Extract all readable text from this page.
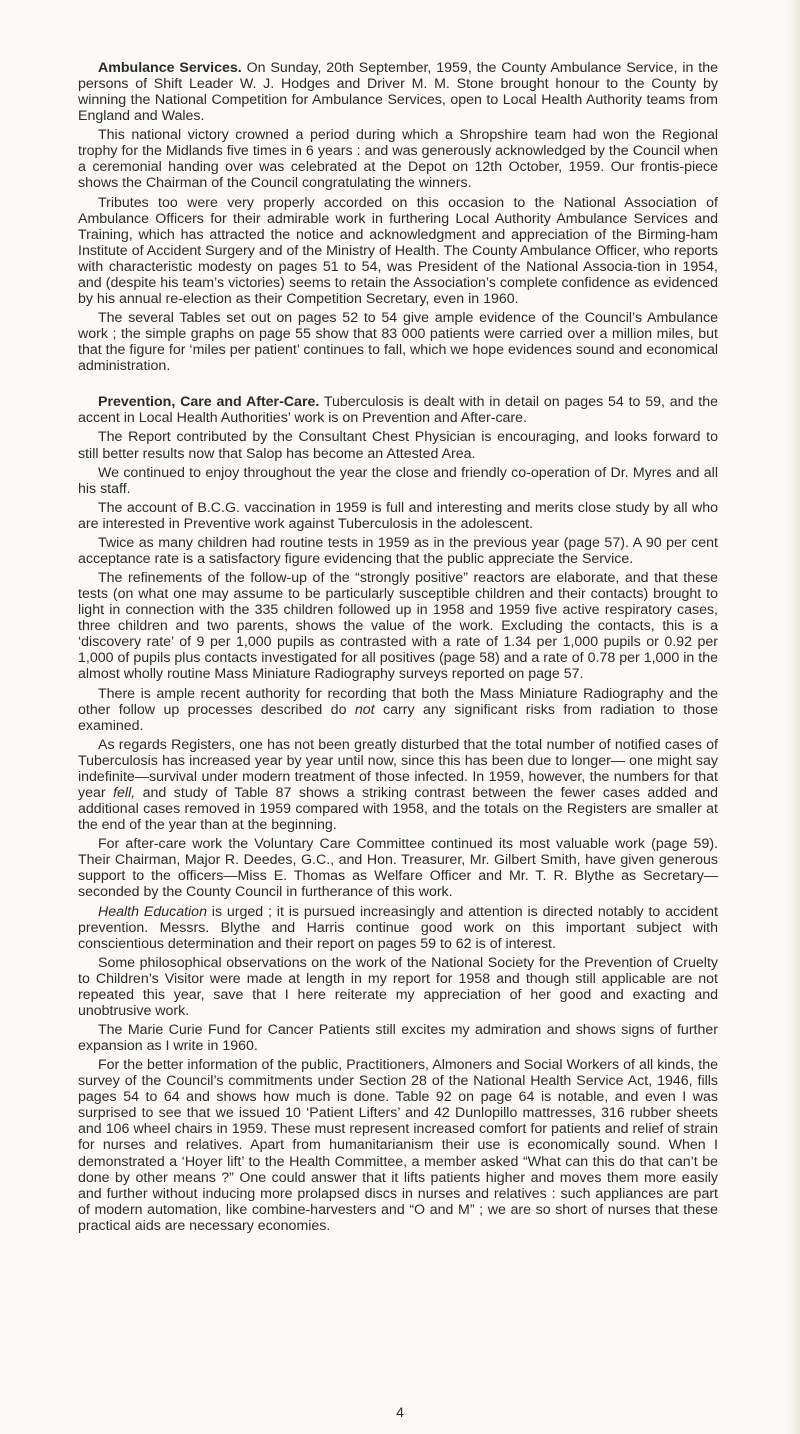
Ambulance Services. On Sunday, 20th September, 1959, the County Ambulance Service, in the persons of Shift Leader W. J. Hodges and Driver M. M. Stone brought honour to the County by winning the National Competition for Ambulance Services, open to Local Health Authority teams from England and Wales.

This national victory crowned a period during which a Shropshire team had won the Regional trophy for the Midlands five times in 6 years : and was generously acknowledged by the Council when a ceremonial handing over was celebrated at the Depot on 12th October, 1959. Our frontis-piece shows the Chairman of the Council congratulating the winners.

Tributes too were very properly accorded on this occasion to the National Association of Ambulance Officers for their admirable work in furthering Local Authority Ambulance Services and Training, which has attracted the notice and acknowledgment and appreciation of the Birming-ham Institute of Accident Surgery and of the Ministry of Health. The County Ambulance Officer, who reports with characteristic modesty on pages 51 to 54, was President of the National Associa-tion in 1954, and (despite his team’s victories) seems to retain the Association’s complete confidence as evidenced by his annual re-election as their Competition Secretary, even in 1960.

The several Tables set out on pages 52 to 54 give ample evidence of the Council’s Ambulance work ; the simple graphs on page 55 show that 83 000 patients were carried over a million miles, but that the figure for ‘miles per patient’ continues to fall, which we hope evidences sound and economical administration.

Prevention, Care and After-Care. Tuberculosis is dealt with in detail on pages 54 to 59, and the accent in Local Health Authorities’ work is on Prevention and After-care.

The Report contributed by the Consultant Chest Physician is encouraging, and looks forward to still better results now that Salop has become an Attested Area.

We continued to enjoy throughout the year the close and friendly co-operation of Dr. Myres and all his staff.

The account of B.C.G. vaccination in 1959 is full and interesting and merits close study by all who are interested in Preventive work against Tuberculosis in the adolescent.

Twice as many children had routine tests in 1959 as in the previous year (page 57). A 90 per cent acceptance rate is a satisfactory figure evidencing that the public appreciate the Service.

The refinements of the follow-up of the “strongly positive” reactors are elaborate, and that these tests (on what one may assume to be particularly susceptible children and their contacts) brought to light in connection with the 335 children followed up in 1958 and 1959 five active respiratory cases, three children and two parents, shows the value of the work. Excluding the contacts, this is a ‘discovery rate’ of 9 per 1,000 pupils as contrasted with a rate of 1.34 per 1,000 pupils or 0.92 per 1,000 of pupils plus contacts investigated for all positives (page 58) and a rate of 0.78 per 1,000 in the almost wholly routine Mass Miniature Radiography surveys reported on page 57.

There is ample recent authority for recording that both the Mass Miniature Radiography and the other follow up processes described do not carry any significant risks from radiation to those examined.

As regards Registers, one has not been greatly disturbed that the total number of notified cases of Tuberculosis has increased year by year until now, since this has been due to longer— one might say indefinite—survival under modern treatment of those infected. In 1959, however, the numbers for that year fell, and study of Table 87 shows a striking contrast between the fewer cases added and additional cases removed in 1959 compared with 1958, and the totals on the Registers are smaller at the end of the year than at the beginning.

For after-care work the Voluntary Care Committee continued its most valuable work (page 59). Their Chairman, Major R. Deedes, G.C., and Hon. Treasurer, Mr. Gilbert Smith, have given generous support to the officers—Miss E. Thomas as Welfare Officer and Mr. T. R. Blythe as Secretary—seconded by the County Council in furtherance of this work.

Health Education is urged ; it is pursued increasingly and attention is directed notably to accident prevention. Messrs. Blythe and Harris continue good work on this important subject with conscientious determination and their report on pages 59 to 62 is of interest.

Some philosophical observations on the work of the National Society for the Prevention of Cruelty to Children’s Visitor were made at length in my report for 1958 and though still applicable are not repeated this year, save that I here reiterate my appreciation of her good and exacting and unobtrusive work.

The Marie Curie Fund for Cancer Patients still excites my admiration and shows signs of further expansion as I write in 1960.

For the better information of the public, Practitioners, Almoners and Social Workers of all kinds, the survey of the Council’s commitments under Section 28 of the National Health Service Act, 1946, fills pages 54 to 64 and shows how much is done. Table 92 on page 64 is notable, and even I was surprised to see that we issued 10 ‘Patient Lifters’ and 42 Dunlopillo mattresses, 316 rubber sheets and 106 wheel chairs in 1959. These must represent increased comfort for patients and relief of strain for nurses and relatives. Apart from humanitarianism their use is economically sound. When I demonstrated a ‘Hoyer lift’ to the Health Committee, a member asked “What can this do that can’t be done by other means ?” One could answer that it lifts patients higher and moves them more easily and further without inducing more prolapsed discs in nurses and relatives : such appliances are part of modern automation, like combine-harvesters and “O and M” ; we are so short of nurses that these practical aids are necessary economies.

4
